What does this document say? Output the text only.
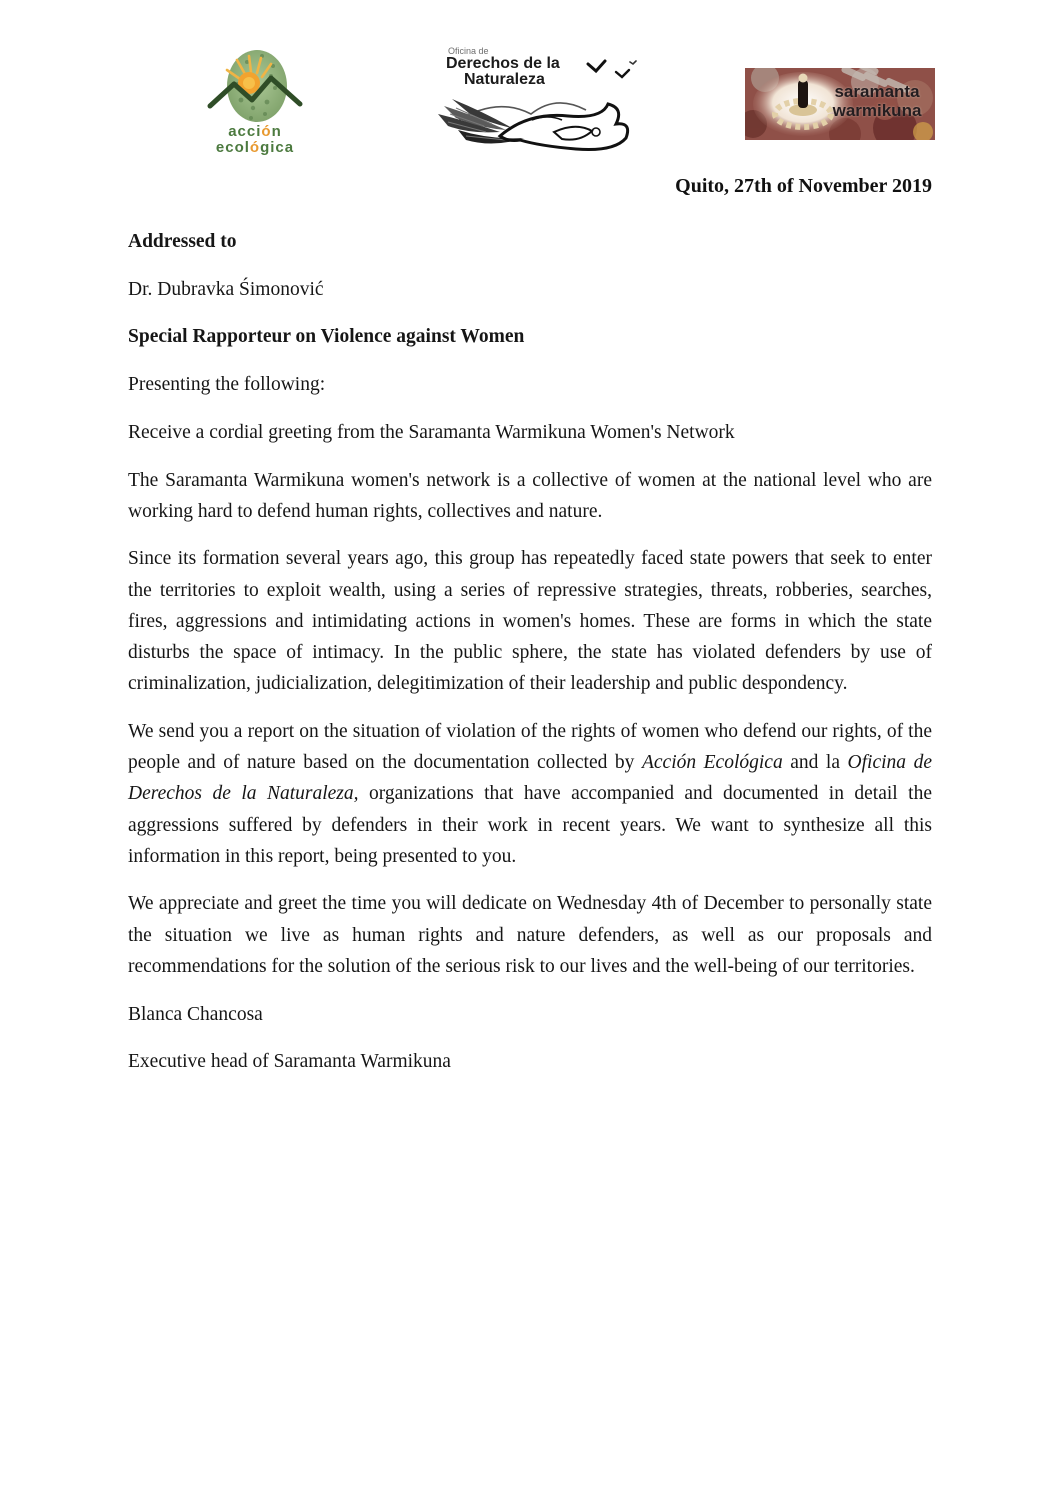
acción
ecológica
Oficina de
Derechos de la
Naturaleza
saramanta
warmikuna
Quito, 27th of November 2019

Addressed to

Dr. Dubravka Śimonović

Special Rapporteur on Violence against Women

Presenting the following:

Receive a cordial greeting from the Saramanta Warmikuna Women's Network

The Saramanta Warmikuna women's network is a collective of women at the national level who are working hard to defend human rights, collectives and nature.

Since its formation several years ago, this group has repeatedly faced state powers that seek to enter the territories to exploit wealth, using a series of repressive strategies, threats, robberies, searches, fires, aggressions and intimidating actions in women's homes. These are forms in which the state disturbs the space of intimacy. In the public sphere, the state has violated defenders by use of criminalization, judicialization, delegitimization of their leadership and public despondency.

We send you a report on the situation of violation of the rights of women who defend our rights, of the people and of nature based on the documentation collected by Acción Ecológica and la Oficina de Derechos de la Naturaleza, organizations that have accompanied and documented in detail the aggressions suffered by defenders in their work in recent years. We want to synthesize all this information in this report, being presented to you.

We appreciate and greet the time you will dedicate on Wednesday 4th of December to personally state the situation we live as human rights and nature defenders, as well as our proposals and recommendations for the solution of the serious risk to our lives and the well-being of our territories.

Blanca Chancosa

Executive head of Saramanta Warmikuna
